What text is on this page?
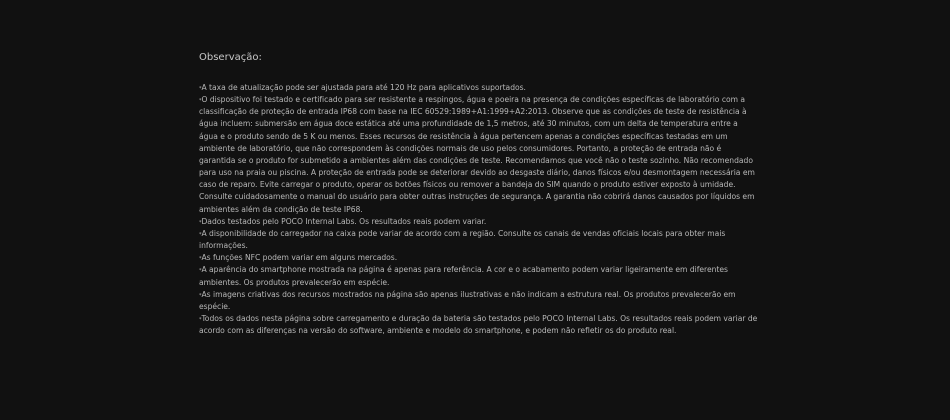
Observação:
*A taxa de atualização pode ser ajustada para até 120 Hz para aplicativos suportados.
*O dispositivo foi testado e certificado para ser resistente a respingos, água e poeira na presença de condições específicas de laboratório com a classificação de proteção de entrada IP68 com base na IEC 60529:1989+A1:1999+A2:2013. Observe que as condições de teste de resistência à água incluem: submersão em água doce estática até uma profundidade de 1,5 metros, até 30 minutos, com um delta de temperatura entre a água e o produto sendo de 5 K ou menos. Esses recursos de resistência à água pertencem apenas a condições específicas testadas em um ambiente de laboratório, que não correspondem às condições normais de uso pelos consumidores. Portanto, a proteção de entrada não é garantida se o produto for submetido a ambientes além das condições de teste. Recomendamos que você não o teste sozinho. Não recomendado para uso na praia ou piscina. A proteção de entrada pode se deteriorar devido ao desgaste diário, danos físicos e/ou desmontagem necessária em caso de reparo. Evite carregar o produto, operar os botões físicos ou remover a bandeja do SIM quando o produto estiver exposto à umidade. Consulte cuidadosamente o manual do usuário para obter outras instruções de segurança. A garantia não cobrirá danos causados por líquidos em ambientes além da condição de teste IP68.
*Dados testados pelo POCO Internal Labs. Os resultados reais podem variar.
*A disponibilidade do carregador na caixa pode variar de acordo com a região. Consulte os canais de vendas oficiais locais para obter mais informações.
*As funções NFC podem variar em alguns mercados.
*A aparência do smartphone mostrada na página é apenas para referência. A cor e o acabamento podem variar ligeiramente em diferentes ambientes. Os produtos prevalecerão em espécie.
*As imagens criativas dos recursos mostrados na página são apenas ilustrativas e não indicam a estrutura real. Os produtos prevalecerão em espécie.
*Todos os dados nesta página sobre carregamento e duração da bateria são testados pelo POCO Internal Labs. Os resultados reais podem variar de acordo com as diferenças na versão do software, ambiente e modelo do smartphone, e podem não refletir os do produto real.
